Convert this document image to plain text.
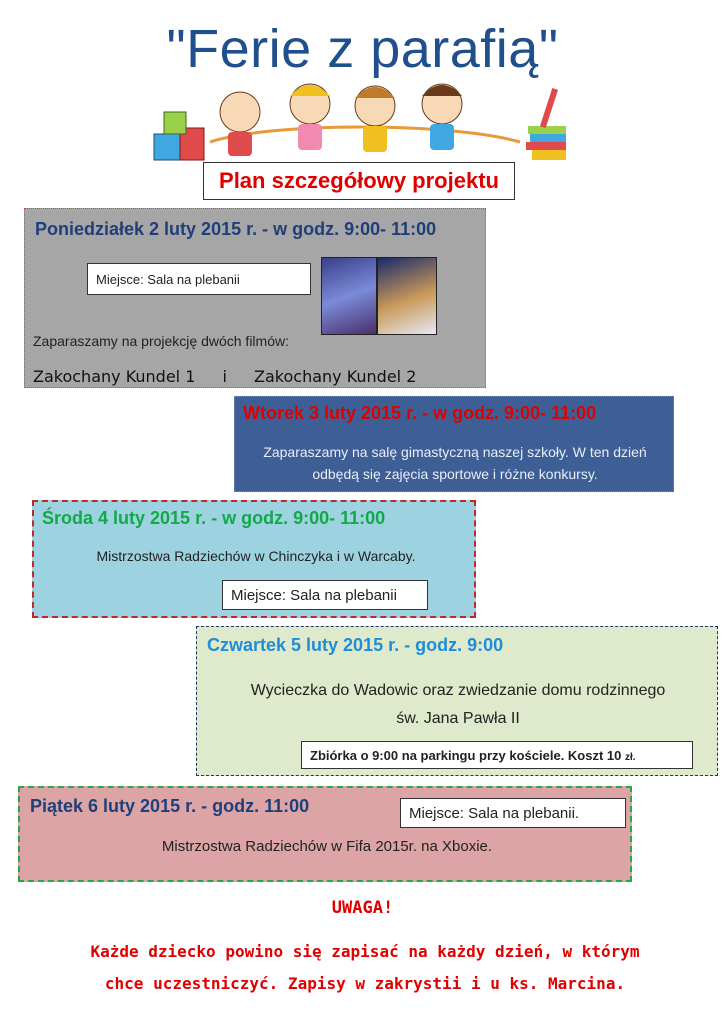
"Ferie z parafią"
Plan szczegółowy projektu
Poniedziałek 2 luty 2015 r. - w godz. 9:00- 11:00
Miejsce: Sala na plebanii
Zaparaszamy na projekcję dwóch filmów:
Zakochany Kundel 1 i Zakochany Kundel 2
Wtorek 3 luty 2015 r. - w godz. 9:00- 11:00
Zaparaszamy na salę gimastyczną naszej szkoły. W ten dzień odbędą się zajęcia sportowe i różne konkursy.
Środa 4 luty 2015 r. - w godz. 9:00- 11:00
Mistrzostwa Radziechów w Chinczyka i w Warcaby.
Miejsce: Sala na plebanii
Czwartek 5 luty 2015 r. - godz. 9:00
Wycieczka do Wadowic oraz zwiedzanie domu rodzinnego
św. Jana Pawła II
Zbiórka o 9:00 na parkingu przy kościele. Koszt 10 zł.
Piątek 6 luty 2015 r. - godz. 11:00	Miejsce: Sala na plebanii.
Mistrzostwa Radziechów w Fifa 2015r. na Xboxie.
UWAGA!
Każde dziecko powino się zapisać na każdy dzień, w którym
chce uczestniczyć. Zapisy w zakrystii i u ks. Marcina.
